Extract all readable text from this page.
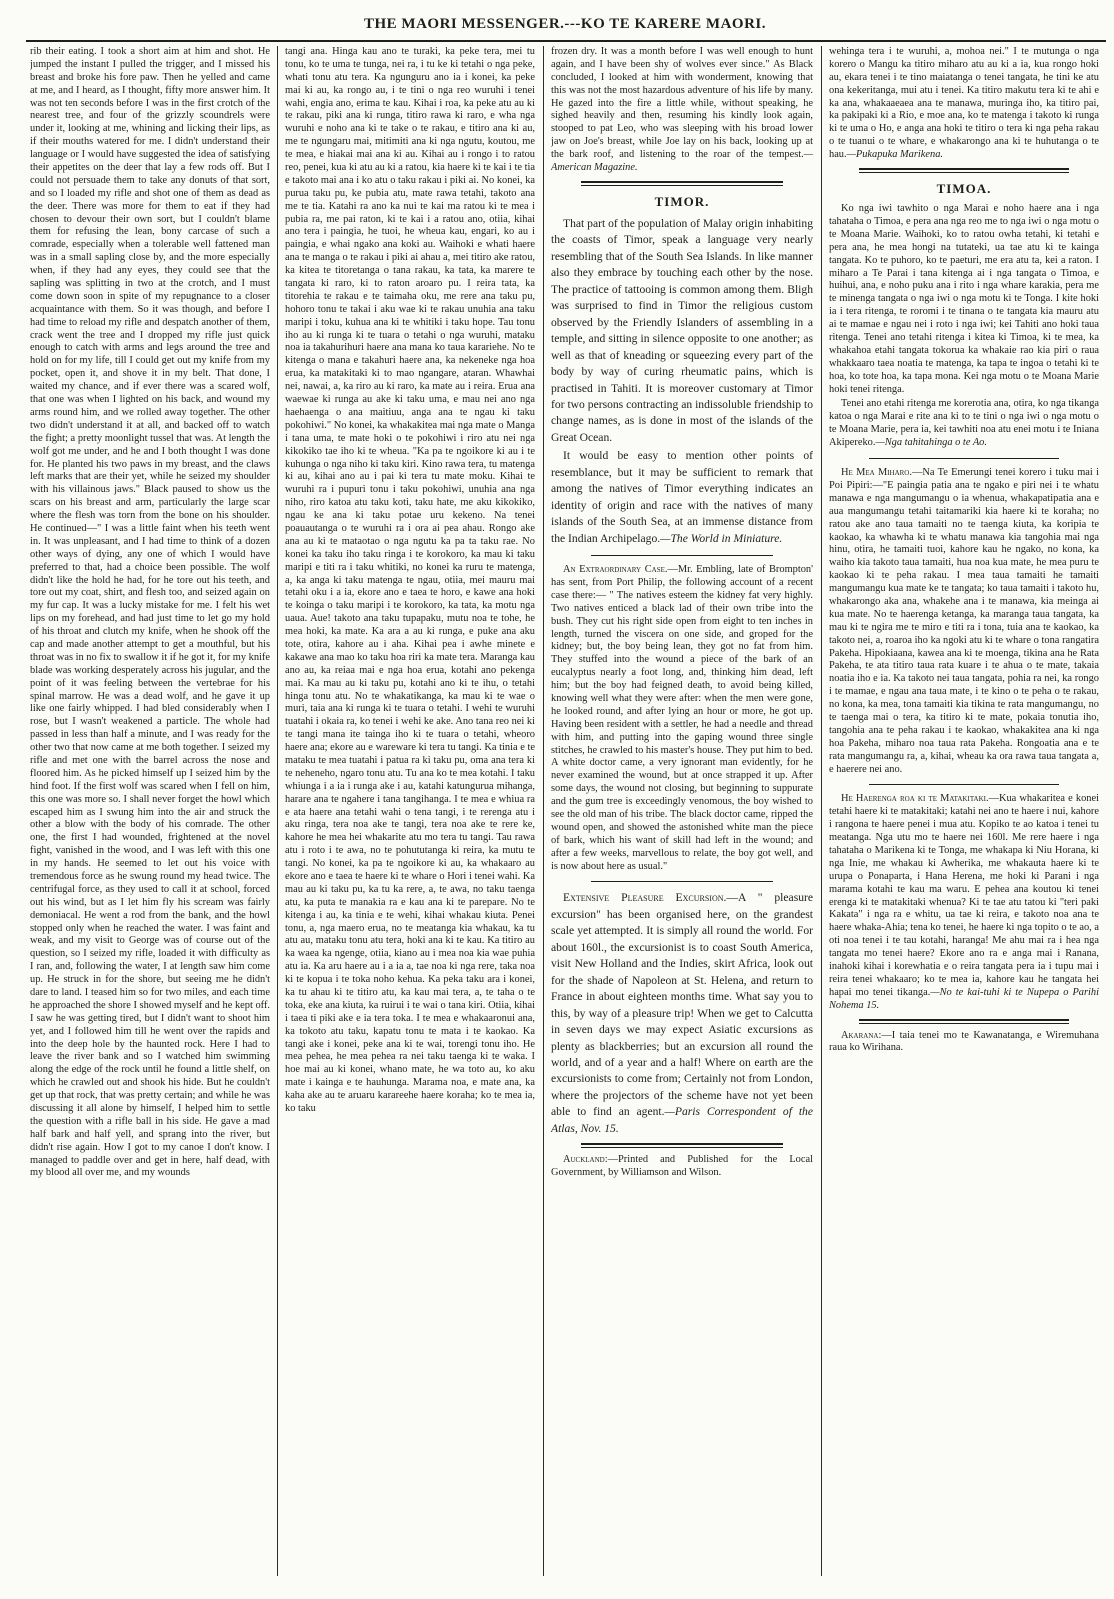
THE MAORI MESSENGER.---KO TE KARERE MAORI.

rib their eating. I took a short aim at him and shot. He jumped the instant I pulled the trigger, and I missed his breast and broke his fore paw. Then he yelled and came at me, and I heard, as I thought, fifty more answer him. It was not ten seconds before I was in the first crotch of the nearest tree, and four of the grizzly scoundrels were under it, looking at me, whining and licking their lips, as if their mouths watered for me. I didn't understand their language or I would have suggested the idea of satisfying their appetites on the deer that lay a few rods off. But I could not persuade them to take any donuts of that sort, and so I loaded my rifle and shot one of them as dead as the deer. There was more for them to eat if they had chosen to devour their own sort, but I couldn't blame them for refusing the lean, bony carcase of such a comrade, especially when a tolerable well fattened man was in a small sapling close by, and the more especially when, if they had any eyes, they could see that the sapling was splitting in two at the crotch, and I must come down soon in spite of my repugnance to a closer acquaintance with them. So it was though, and before I had time to reload my rifle and despatch another of them, crack went the tree and I dropped my rifle just quick enough to catch with arms and legs around the tree and hold on for my life, till I could get out my knife from my pocket, open it, and shove it in my belt. That done, I waited my chance, and if ever there was a scared wolf, that one was when I lighted on his back, and wound my arms round him, and we rolled away together. The other two didn't understand it at all, and backed off to watch the fight; a pretty moonlight tussel that was. At length the wolf got me under, and he and I both thought I was done for. He planted his two paws in my breast, and the claws left marks that are their yet, while he seized my shoulder with his villainous jaws." Black paused to show us the scars on his breast and arm, particularly the large scar where the flesh was torn from the bone on his shoulder. He continued—" I was a little faint when his teeth went in. It was unpleasant, and I had time to think of a dozen other ways of dying, any one of which I would have preferred to that, had a choice been possible. The wolf didn't like the hold he had, for he tore out his teeth, and tore out my coat, shirt, and flesh too, and seized again on my fur cap. It was a lucky mistake for me. I felt his wet lips on my forehead, and had just time to let go my hold of his throat and clutch my knife, when he shook off the cap and made another attempt to get a mouthful, but his throat was in no fix to swallow it if he got it, for my knife blade was working desperately across his jugular, and the point of it was feeling between the vertebrae for his spinal marrow. He was a dead wolf, and he gave it up like one fairly whipped. I had bled considerably when I rose, but I wasn't weakened a particle. The whole had passed in less than half a minute, and I was ready for the other two that now came at me both together. I seized my rifle and met one with the barrel across the nose and floored him. As he picked himself up I seized him by the hind foot. If the first wolf was scared when I fell on him, this one was more so. I shall never forget the howl which escaped him as I swung him into the air and struck the other a blow with the body of his comrade. The other one, the first I had wounded, frightened at the novel fight, vanished in the wood, and I was left with this one in my hands. He seemed to let out his voice with tremendous force as he swung round my head twice. The centrifugal force, as they used to call it at school, forced out his wind, but as I let him fly his scream was fairly demoniacal. He went a rod from the bank, and the howl stopped only when he reached the water. I was faint and weak, and my visit to George was of course out of the question, so I seized my rifle, loaded it with difficulty as I ran, and, following the water, I at length saw him come up. He struck in for the shore, but seeing me he didn't dare to land. I teased him so for two miles, and each time he approached the shore I showed myself and he kept off. I saw he was getting tired, but I didn't want to shoot him yet, and I followed him till he went over the rapids and into the deep hole by the haunted rock. Here I had to leave the river bank and so I watched him swimming along the edge of the rock until he found a little shelf, on which he crawled out and shook his hide. But he couldn't get up that rock, that was pretty certain; and while he was discussing it all alone by himself, I helped him to settle the question with a rifle ball in his side. He gave a mad half bark and half yell, and sprang into the river, but didn't rise again. How I got to my canoe I don't know. I managed to paddle over and get in here, half dead, with my blood all over me, and my wounds

tangi ana. Hinga kau ano te turaki, ka peke tera, mei tu tonu, ko te uma te tunga, nei ra, i tu ke ki tetahi o nga peke, whati tonu atu tera. Ka ngunguru ano ia i konei, ka peke mai ki au, ka rongo au, i te tini o nga reo wuruhi i tenei wahi, engia ano, erima te kau. Kihai i roa, ka peke atu au ki te rakau, piki ana ki runga, titiro rawa ki raro, e wha nga wuruhi e noho ana ki te take o te rakau, e titiro ana ki au, me te ngungaru mai, mitimiti ana ki nga ngutu, koutou, me te mea, e hiakai mai ana ki au. Kihai au i rongo i to ratou reo, penei, kua ki atu au ki a ratou, kia haere ki te kai i te tia e takoto mai ana i ko atu o taku rakau i piki ai. No konei, ka purua taku pu, ke pubia atu, mate rawa tetahi, takoto ana me te tia. Katahi ra ano ka nui te kai ma ratou ki te mea i pubia ra, me pai raton, ki te kai i a ratou ano, otiia, kihai ano tera i paingia, he tuoi, he wheua kau, engari, ko au i paingia, e whai ngako ana koki au. Waihoki e whati haere ana te manga o te rakau i piki ai ahau a, mei titiro ake ratou, ka kitea te titoretanga o tana rakau, ka tata, ka marere te tangata ki raro, ki to raton aroaro pu. I reira tata, ka titorehia te rakau e te taimaha oku, me rere ana taku pu, hohoro tonu te takai i aku wae ki te rakau unuhia ana taku maripi i toku, kuhua ana ki te whitiki i taku hope. Tau tonu iho au ki runga ki te tuara o tetahi o nga wuruhi, mataku noa ia takahurihuri haere ana mana ko taua karariehe. No te kitenga o mana e takahuri haere ana, ka nekeneke nga hoa erua, ka matakitaki ki to mao ngangare, ataran. Whawhai nei, nawai, a, ka riro au ki raro, ka mate au i reira. Erua ana waewae ki runga au ake ki taku uma, e mau nei ano nga haehaenga o ana maitiuu, anga ana te ngau ki taku pokohiwi." No konei, ka whakakitea mai nga mate o Manga i tana uma, te mate hoki o te pokohiwi i riro atu nei nga kikokiko tae iho ki te wheua. "Ka pa te ngoikore ki au i te kuhunga o nga niho ki taku kiri. Kino rawa tera, tu matenga ki au, kihai ano au i pai ki tera tu mate moku. Kihai te wuruhi ra i pupuri tonu i taku pokohiwi, unuhia ana nga niho, riro katoa atu taku koti, taku hate, me aku kikokiko, ngau ke ana ki taku potae uru kekeno. Na tenei poauautanga o te wuruhi ra i ora ai pea ahau. Rongo ake ana au ki te mataotao o nga ngutu ka pa ta taku rae. No konei ka taku iho taku ringa i te korokoro, ka mau ki taku maripi e titi ra i taku whitiki, no konei ka ruru te matenga, a, ka anga ki taku matenga te ngau, otiia, mei mauru mai tetahi oku i a ia, ekore ano e taea te horo, e kawe ana hoki te koinga o taku maripi i te korokoro, ka tata, ka motu nga uaua. Aue! takoto ana taku tupapaku, mutu noa te tohe, he mea hoki, ka mate. Ka ara a au ki runga, e puke ana aku tote, otira, kahore au i aha. Kihai pea i awhe minete e kakawe ana mao ko taku hoa riri ka mate tera. Maranga kau ano au, ka reiaa mai e nga hoa erua, kotahi ano pekenga mai. Ka mau au ki taku pu, kotahi ano ki te ihu, o tetahi hinga tonu atu. No te whakatikanga, ka mau ki te wae o muri, taia ana ki runga ki te tuara o tetahi. I wehi te wuruhi tuatahi i okaia ra, ko tenei i wehi ke ake. Ano tana reo nei ki te tangi mana ite tainga iho ki te tuara o tetahi, wheoro haere ana; ekore au e wareware ki tera tu tangi. Ka tinia e te mataku te mea tuatahi i patua ra ki taku pu, oma ana tera ki te neheneho, ngaro tonu atu. Tu ana ko te mea kotahi. I taku whiunga i a ia i runga ake i au, katahi katungurua mihanga, harare ana te ngahere i tana tangihanga. I te mea e whiua ra e ata haere ana tetahi wahi o tena tangi, i te rerenga atu i aku ringa, tera noa ake te tangi, tera noa ake te rere ke, kahore he mea hei whakarite atu mo tera tu tangi. Tau rawa atu i roto i te awa, no te pohututanga ki reira, ka mutu te tangi. No konei, ka pa te ngoikore ki au, ka whakaaro au ekore ano e taea te haere ki te whare o Hori i tenei wahi. Ka mau au ki taku pu, ka tu ka rere, a, te awa, no taku taenga atu, ka puta te manakia ra e kau ana ki te parepare. No te kitenga i au, ka tinia e te wehi, kihai whakau kiuta. Penei tonu, a, nga maero erua, no te meatanga kia whakau, ka tu atu au, mataku tonu atu tera, hoki ana ki te kau. Ka titiro au ka waea ka ngenge, otiia, kiano au i mea noa kia wae puhia atu ia. Ka aru haere au i a ia a, tae noa ki nga rere, taka noa ki te kopua i te toka noho kehua. Ka peka taku ara i konei, ka tu ahau ki te titiro atu, ka kau mai tera, a, te taha o te toka, eke ana kiuta, ka ruirui i te wai o tana kiri. Otiia, kihai i taea ti piki ake e ia tera toka. I te mea e whakaaronui ana, ka tokoto atu taku, kapatu tonu te mata i te kaokao. Ka tangi ake i konei, peke ana ki te wai, torengi tonu iho. He mea pehea, he mea pehea ra nei taku taenga ki te waka. I hoe mai au ki konei, whano mate, he wa toto au, ko aku mate i kainga e te hauhunga. Marama noa, e mate ana, ka kaha ake au te aruaru karareehe haere koraha; ko te mea ia, ko taku

frozen dry. It was a month before I was well enough to hunt again, and I have been shy of wolves ever since." As Black concluded, I looked at him with wonderment, knowing that this was not the most hazardous adventure of his life by many. He gazed into the fire a little while, without speaking, he sighed heavily and then, resuming his kindly look again, stooped to pat Leo, who was sleeping with his broad lower jaw on Joe's breast, while Joe lay on his back, looking up at the bark roof, and listening to the roar of the tempest.—American Magazine.

TIMOR.

That part of the population of Malay origin inhabiting the coasts of Timor, speak a language very nearly resembling that of the South Sea Islands. In like manner also they embrace by touching each other by the nose. The practice of tattooing is common among them. Bligh was surprised to find in Timor the religious custom observed by the Friendly Islanders of assembling in a temple, and sitting in silence opposite to one another; as well as that of kneading or squeezing every part of the body by way of curing rheumatic pains, which is practised in Tahiti. It is moreover customary at Timor for two persons contracting an indissoluble friendship to change names, as is done in most of the islands of the Great Ocean.

It would be easy to mention other points of resemblance, but it may be sufficient to remark that among the natives of Timor everything indicates an identity of origin and race with the natives of many islands of the South Sea, at an immense distance from the Indian Archipelago.—The World in Miniature.

An Extraordinary Case.—Mr. Embling, late of Brompton' has sent, from Port Philip, the following account of a recent case there:— " The natives esteem the kidney fat very highly. Two natives enticed a black lad of their own tribe into the bush. They cut his right side open from eight to ten inches in length, turned the viscera on one side, and groped for the kidney; but, the boy being lean, they got no fat from him. They stuffed into the wound a piece of the bark of an eucalyptus nearly a foot long, and, thinking him dead, left him; but the boy had feigned death, to avoid being killed, knowing well what they were after: when the men were gone, he looked round, and after lying an hour or more, he got up. Having been resident with a settler, he had a needle and thread with him, and putting into the gaping wound three single stitches, he crawled to his master's house. They put him to bed. A white doctor came, a very ignorant man evidently, for he never examined the wound, but at once strapped it up. After some days, the wound not closing, but beginning to suppurate and the gum tree is exceedingly venomous, the boy wished to see the old man of his tribe. The black doctor came, ripped the wound open, and showed the astonished white man the piece of bark, which his want of skill had left in the wound; and after a few weeks, marvellous to relate, the boy got well, and is now about here as usual."

Extensive Pleasure Excursion.—A " pleasure excursion" has been organised here, on the grandest scale yet attempted. It is simply all round the world. For about 160l., the excursionist is to coast South America, visit New Holland and the Indies, skirt Africa, look out for the shade of Napoleon at St. Helena, and return to France in about eighteen months time. What say you to this, by way of a pleasure trip! When we get to Calcutta in seven days we may expect Asiatic excursions as plenty as blackberries; but an excursion all round the world, and of a year and a half! Where on earth are the excursionists to come from; Certainly not from London, where the projectors of the scheme have not yet been able to find an agent.—Paris Correspondent of the Atlas, Nov. 15.

Auckland:—Printed and Published for the Local Government, by Williamson and Wilson.

wehinga tera i te wuruhi, a, mohoa nei." I te mutunga o nga korero o Mangu ka titiro miharo atu au ki a ia, kua rongo hoki au, ekara tenei i te tino maiatanga o tenei tangata, he tini ke atu ona kekeritanga, mui atu i tenei. Ka titiro makutu tera ki te ahi e ka ana, whakaaeaea ana te manawa, muringa iho, ka titiro pai, ka pakipaki ki a Rio, e moe ana, ko te matenga i takoto ki runga ki te uma o Ho, e anga ana hoki te titiro o tera ki nga peha rakau o te tuanui o te whare, e whakarongo ana ki te huhutanga o te hau.—Pukapuka Marikena.

TIMOA.

Ko nga iwi tawhito o nga Marai e noho haere ana i nga tahataha o Timoa, e pera ana nga reo me to nga iwi o nga motu o te Moana Marie. Waihoki, ko to ratou owha tetahi, ki tetahi e pera ana, he mea hongi na tutateki, ua tae atu ki te kainga tangata. Ko te puhoro, ko te paeturi, me era atu ta, kei a raton. I miharo a Te Parai i tana kitenga ai i nga tangata o Timoa, e huihui, ana, e noho puku ana i rito i nga whare karakia, pera me te minenga tangata o nga iwi o nga motu ki te Tonga. I kite hoki ia i tera ritenga, te roromi i te tinana o te tangata kia mauru atu ai te mamae e ngau nei i roto i nga iwi; kei Tahiti ano hoki taua ritenga. Tenei ano tetahi ritenga i kitea ki Timoa, ki te mea, ka whakahoa etahi tangata tokorua ka whakaie rao kia piri o raua whakkaaro taea noatia te matenga, ka tapa te ingoa o tetahi ki te hoa, ko tote hoa, ka tapa mona. Kei nga motu o te Moana Marie hoki tenei ritenga.

Tenei ano etahi ritenga me korerotia ana, otira, ko nga tikanga katoa o nga Marai e rite ana ki to te tini o nga iwi o nga motu o te Moana Marie, pera ia, kei tawhiti noa atu enei motu i te Iniana Akipereko.—Nga tahitahinga o te Ao.

He Mea Miharo.—Na Te Emerungi tenei korero i tuku mai i Poi Pipiri:—"E paingia patia ana te ngako e piri nei i te whatu manawa e nga mangumangu o ia whenua, whakapatipatia ana e aua mangumangu tetahi taitamariki kia haere ki te koraha; no ratou ake ano taua tamaiti no te taenga kiuta, ka koripia te kaokao, ka whawha ki te whatu manawa kia tangohia mai nga hinu, otira, he tamaiti tuoi, kahore kau he ngako, no kona, ka waiho kia takoto taua tamaiti, hua noa kua mate, he mea puru te kaokao ki te peha rakau. I mea taua tamaiti he tamaiti mangumangu kua mate ke te tangata; ko taua tamaiti i takoto hu, whakarongo aka ana, whakehe ana i te manawa, kia meinga ai kua mate. No te haerenga ketanga, ka maranga taua tangata, ka mau ki te ngira me te miro e titi ra i tona, tuia ana te kaokao, ka takoto nei, a, roaroa iho ka ngoki atu ki te whare o tona rangatira Pakeha. Hipokiaana, kawea ana ki te moenga, tikina ana he Rata Pakeha, te ata titiro taua rata kuare i te ahua o te mate, takaia noatia iho e ia. Ka takoto nei taua tangata, pohia ra nei, ka rongo i te mamae, e ngau ana taua mate, i te kino o te peha o te rakau, no kona, ka mea, tona tamaiti kia tikina te rata mangumangu, no te taenga mai o tera, ka titiro ki te mate, pokaia tonutia iho, tangohia ana te peha rakau i te kaokao, whakakitea ana ki nga hoa Pakeha, miharo noa taua rata Pakeha. Rongoatia ana e te rata mangumangu ra, a, kihai, wheau ka ora rawa taua tangata a, e haerere nei ano.

He Haerenga roa ki te Matakitaki.—Kua whakaritea e konei tetahi haere ki te matakitaki; katahi nei ano te haere i nui, kahore i rangona te haere penei i mua atu. Kopiko te ao katoa i tenei tu meatanga. Nga utu mo te haere nei 160l. Me rere haere i nga tahataha o Marikena ki te Tonga, me whakapa ki Niu Horana, ki nga Inie, me whakau ki Awherika, me whakauta haere ki te urupa o Ponaparta, i Hana Herena, me hoki ki Parani i nga marama kotahi te kau ma waru. E pehea ana koutou ki tenei erenga ki te matakitaki whenua? Ki te tae atu tatou ki "teri paki Kakata" i nga ra e whitu, ua tae ki reira, e takoto noa ana te haere whaka-Ahia; tena ko tenei, he haere ki nga topito o te ao, a oti noa tenei i te tau kotahi, haranga! Me ahu mai ra i hea nga tangata mo tenei haere? Ekore ano ra e anga mai i Ranana, inahoki kihai i korewhatia e o reira tangata pera ia i tupu mai i reira tenei whakaaro; ko te mea ia, kahore kau he tangata hei hapai mo tenei tikanga.—No te kai-tuhi ki te Nupepa o Parihi Nohema 15.

Akarana:—I taia tenei mo te Kawanatanga, e Wiremuhana raua ko Wirihana.
